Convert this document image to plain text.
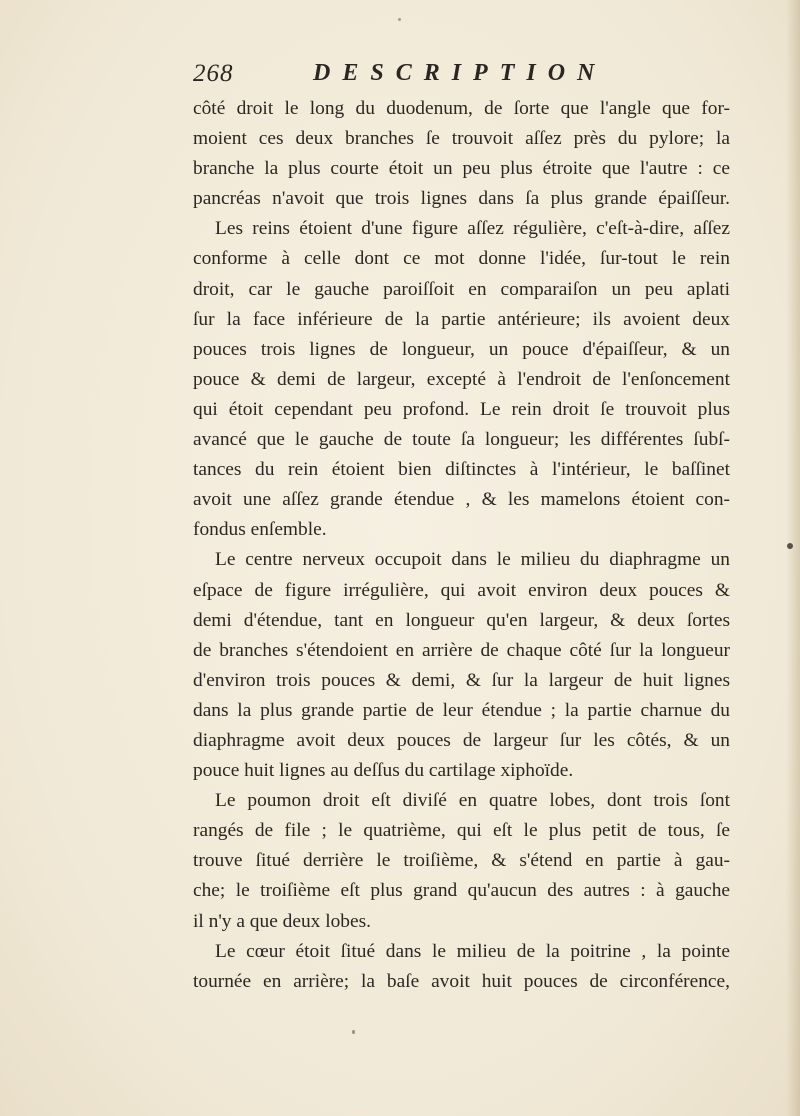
268	DESCRIPTION
côté droit le long du duodenum, de ſorte que l'angle que for-
moient ces deux branches ſe trouvoit aſſez près du pylore; la
branche la plus courte étoit un peu plus étroite que l'autre : ce
pancréas n'avoit que trois lignes dans ſa plus grande épaiſſeur.
Les reins étoient d'une figure aſſez régulière, c'eſt-à-dire, aſſez
conforme à celle dont ce mot donne l'idée, ſur-tout le rein
droit, car le gauche paroiſſoit en comparaiſon un peu aplati
ſur la face inférieure de la partie antérieure; ils avoient deux
pouces trois lignes de longueur, un pouce d'épaiſſeur, & un
pouce & demi de largeur, excepté à l'endroit de l'enſoncement
qui étoit cependant peu profond. Le rein droit ſe trouvoit plus
avancé que le gauche de toute ſa longueur; les différentes ſubſ-
tances du rein étoient bien diſtinctes à l'intérieur, le baſſinet
avoit une aſſez grande étendue , & les mamelons étoient con-
fondus enſemble.
Le centre nerveux occupoit dans le milieu du diaphragme un
eſpace de figure irrégulière, qui avoit environ deux pouces &
demi d'étendue, tant en longueur qu'en largeur, & deux ſortes
de branches s'étendoient en arrière de chaque côté ſur la longueur
d'environ trois pouces & demi, & ſur la largeur de huit lignes
dans la plus grande partie de leur étendue ; la partie charnue du
diaphragme avoit deux pouces de largeur ſur les côtés, & un
pouce huit lignes au deſſus du cartilage xiphoïde.
Le poumon droit eſt diviſé en quatre lobes, dont trois ſont
rangés de file ; le quatrième, qui eſt le plus petit de tous, ſe
trouve ſitué derrière le troiſième, & s'étend en partie à gau-
che; le troiſième eſt plus grand qu'aucun des autres : à gauche
il n'y a que deux lobes.
Le cœur étoit ſitué dans le milieu de la poitrine , la pointe
tournée en arrière; la baſe avoit huit pouces de circonférence,
